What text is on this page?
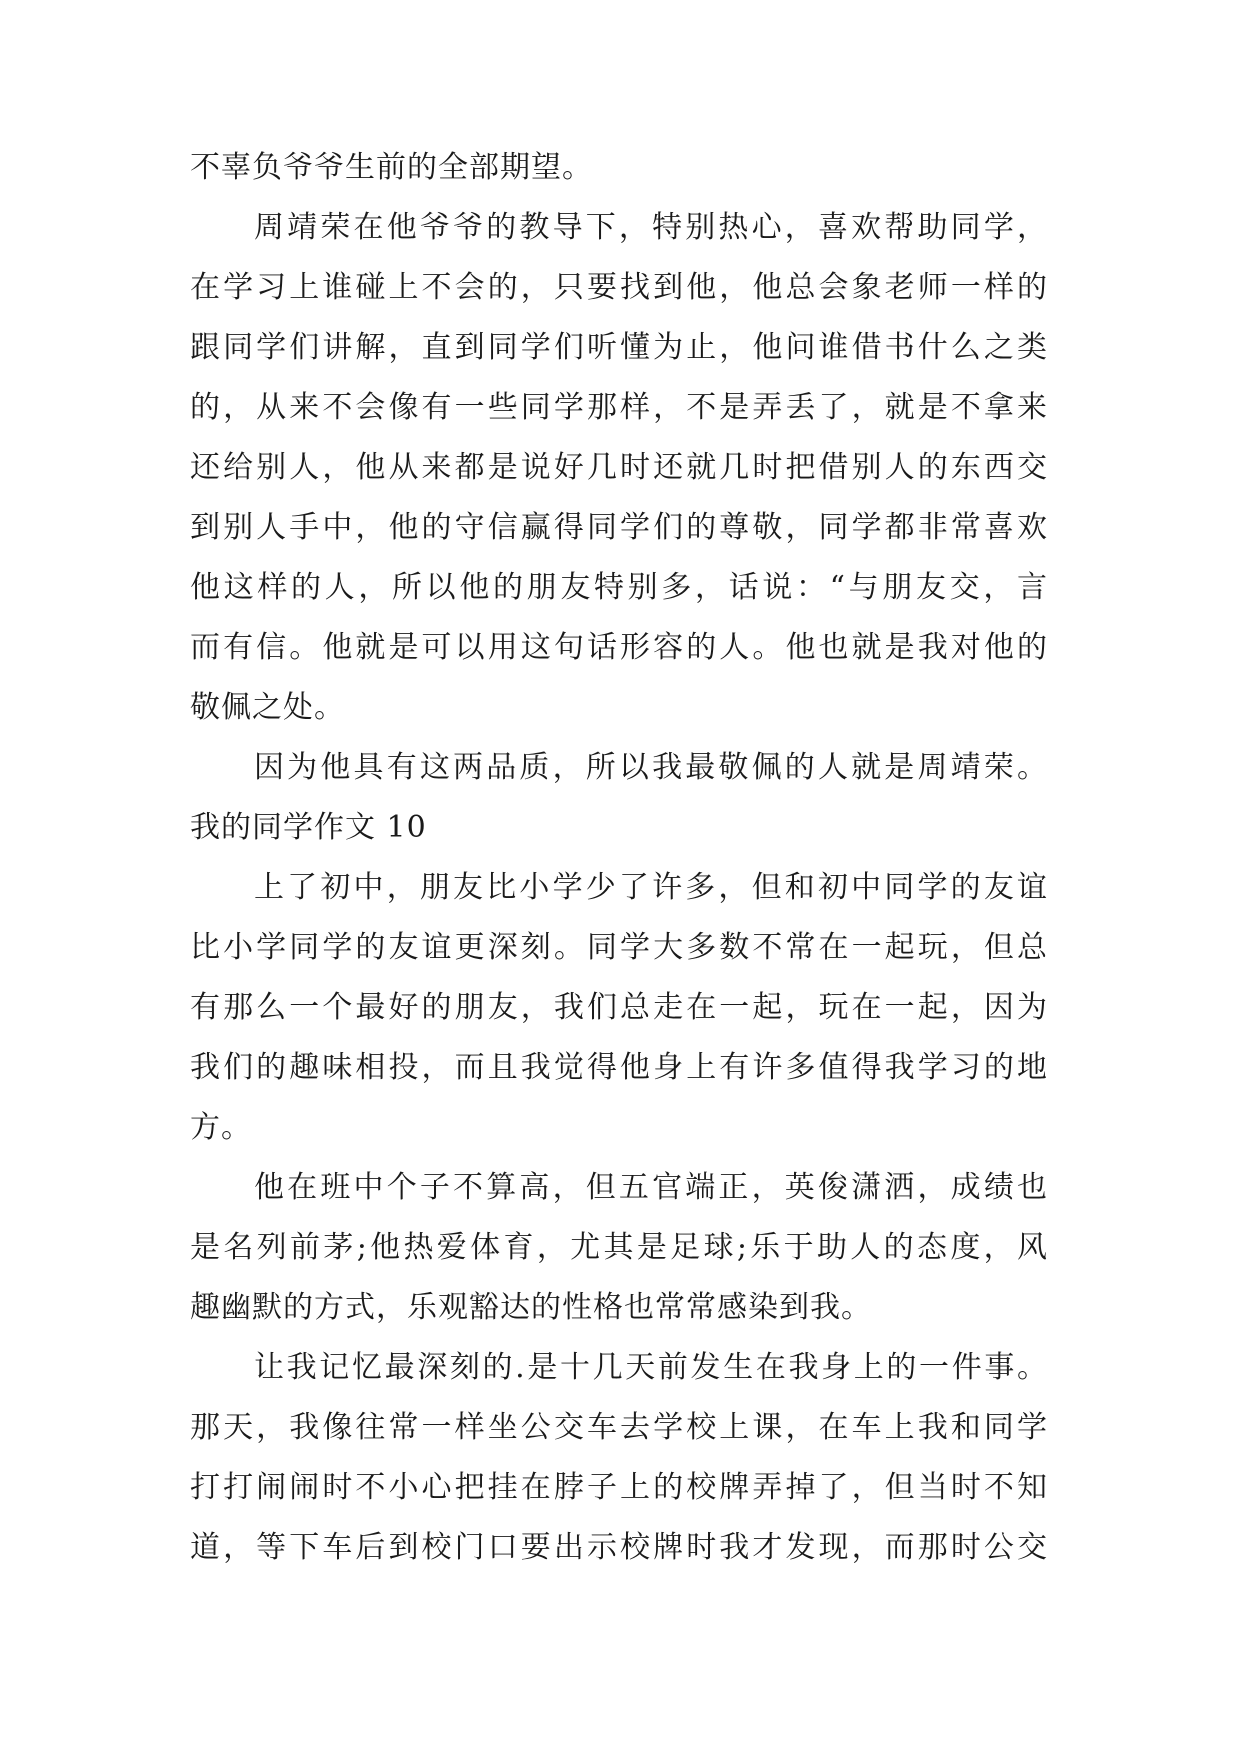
不辜负爷爷生前的全部期望。
周靖荣在他爷爷的教导下，特别热心，喜欢帮助同学，
在学习上谁碰上不会的，只要找到他，他总会象老师一样的
跟同学们讲解，直到同学们听懂为止，他问谁借书什么之类
的，从来不会像有一些同学那样，不是弄丢了，就是不拿来
还给别人，他从来都是说好几时还就几时把借别人的东西交
到别人手中，他的守信赢得同学们的尊敬，同学都非常喜欢
他这样的人，所以他的朋友特别多，话说：“与朋友交，言
而有信。他就是可以用这句话形容的人。他也就是我对他的
敬佩之处。
因为他具有这两品质，所以我最敬佩的人就是周靖荣。
我的同学作文 10
上了初中，朋友比小学少了许多，但和初中同学的友谊
比小学同学的友谊更深刻。同学大多数不常在一起玩，但总
有那么一个最好的朋友，我们总走在一起，玩在一起，因为
我们的趣味相投，而且我觉得他身上有许多值得我学习的地
方。
他在班中个子不算高，但五官端正，英俊潇洒，成绩也
是名列前茅;他热爱体育，尤其是足球;乐于助人的态度，风
趣幽默的方式，乐观豁达的性格也常常感染到我。
让我记忆最深刻的.是十几天前发生在我身上的一件事。
那天，我像往常一样坐公交车去学校上课，在车上我和同学
打打闹闹时不小心把挂在脖子上的校牌弄掉了，但当时不知
道，等下车后到校门口要出示校牌时我才发现，而那时公交
